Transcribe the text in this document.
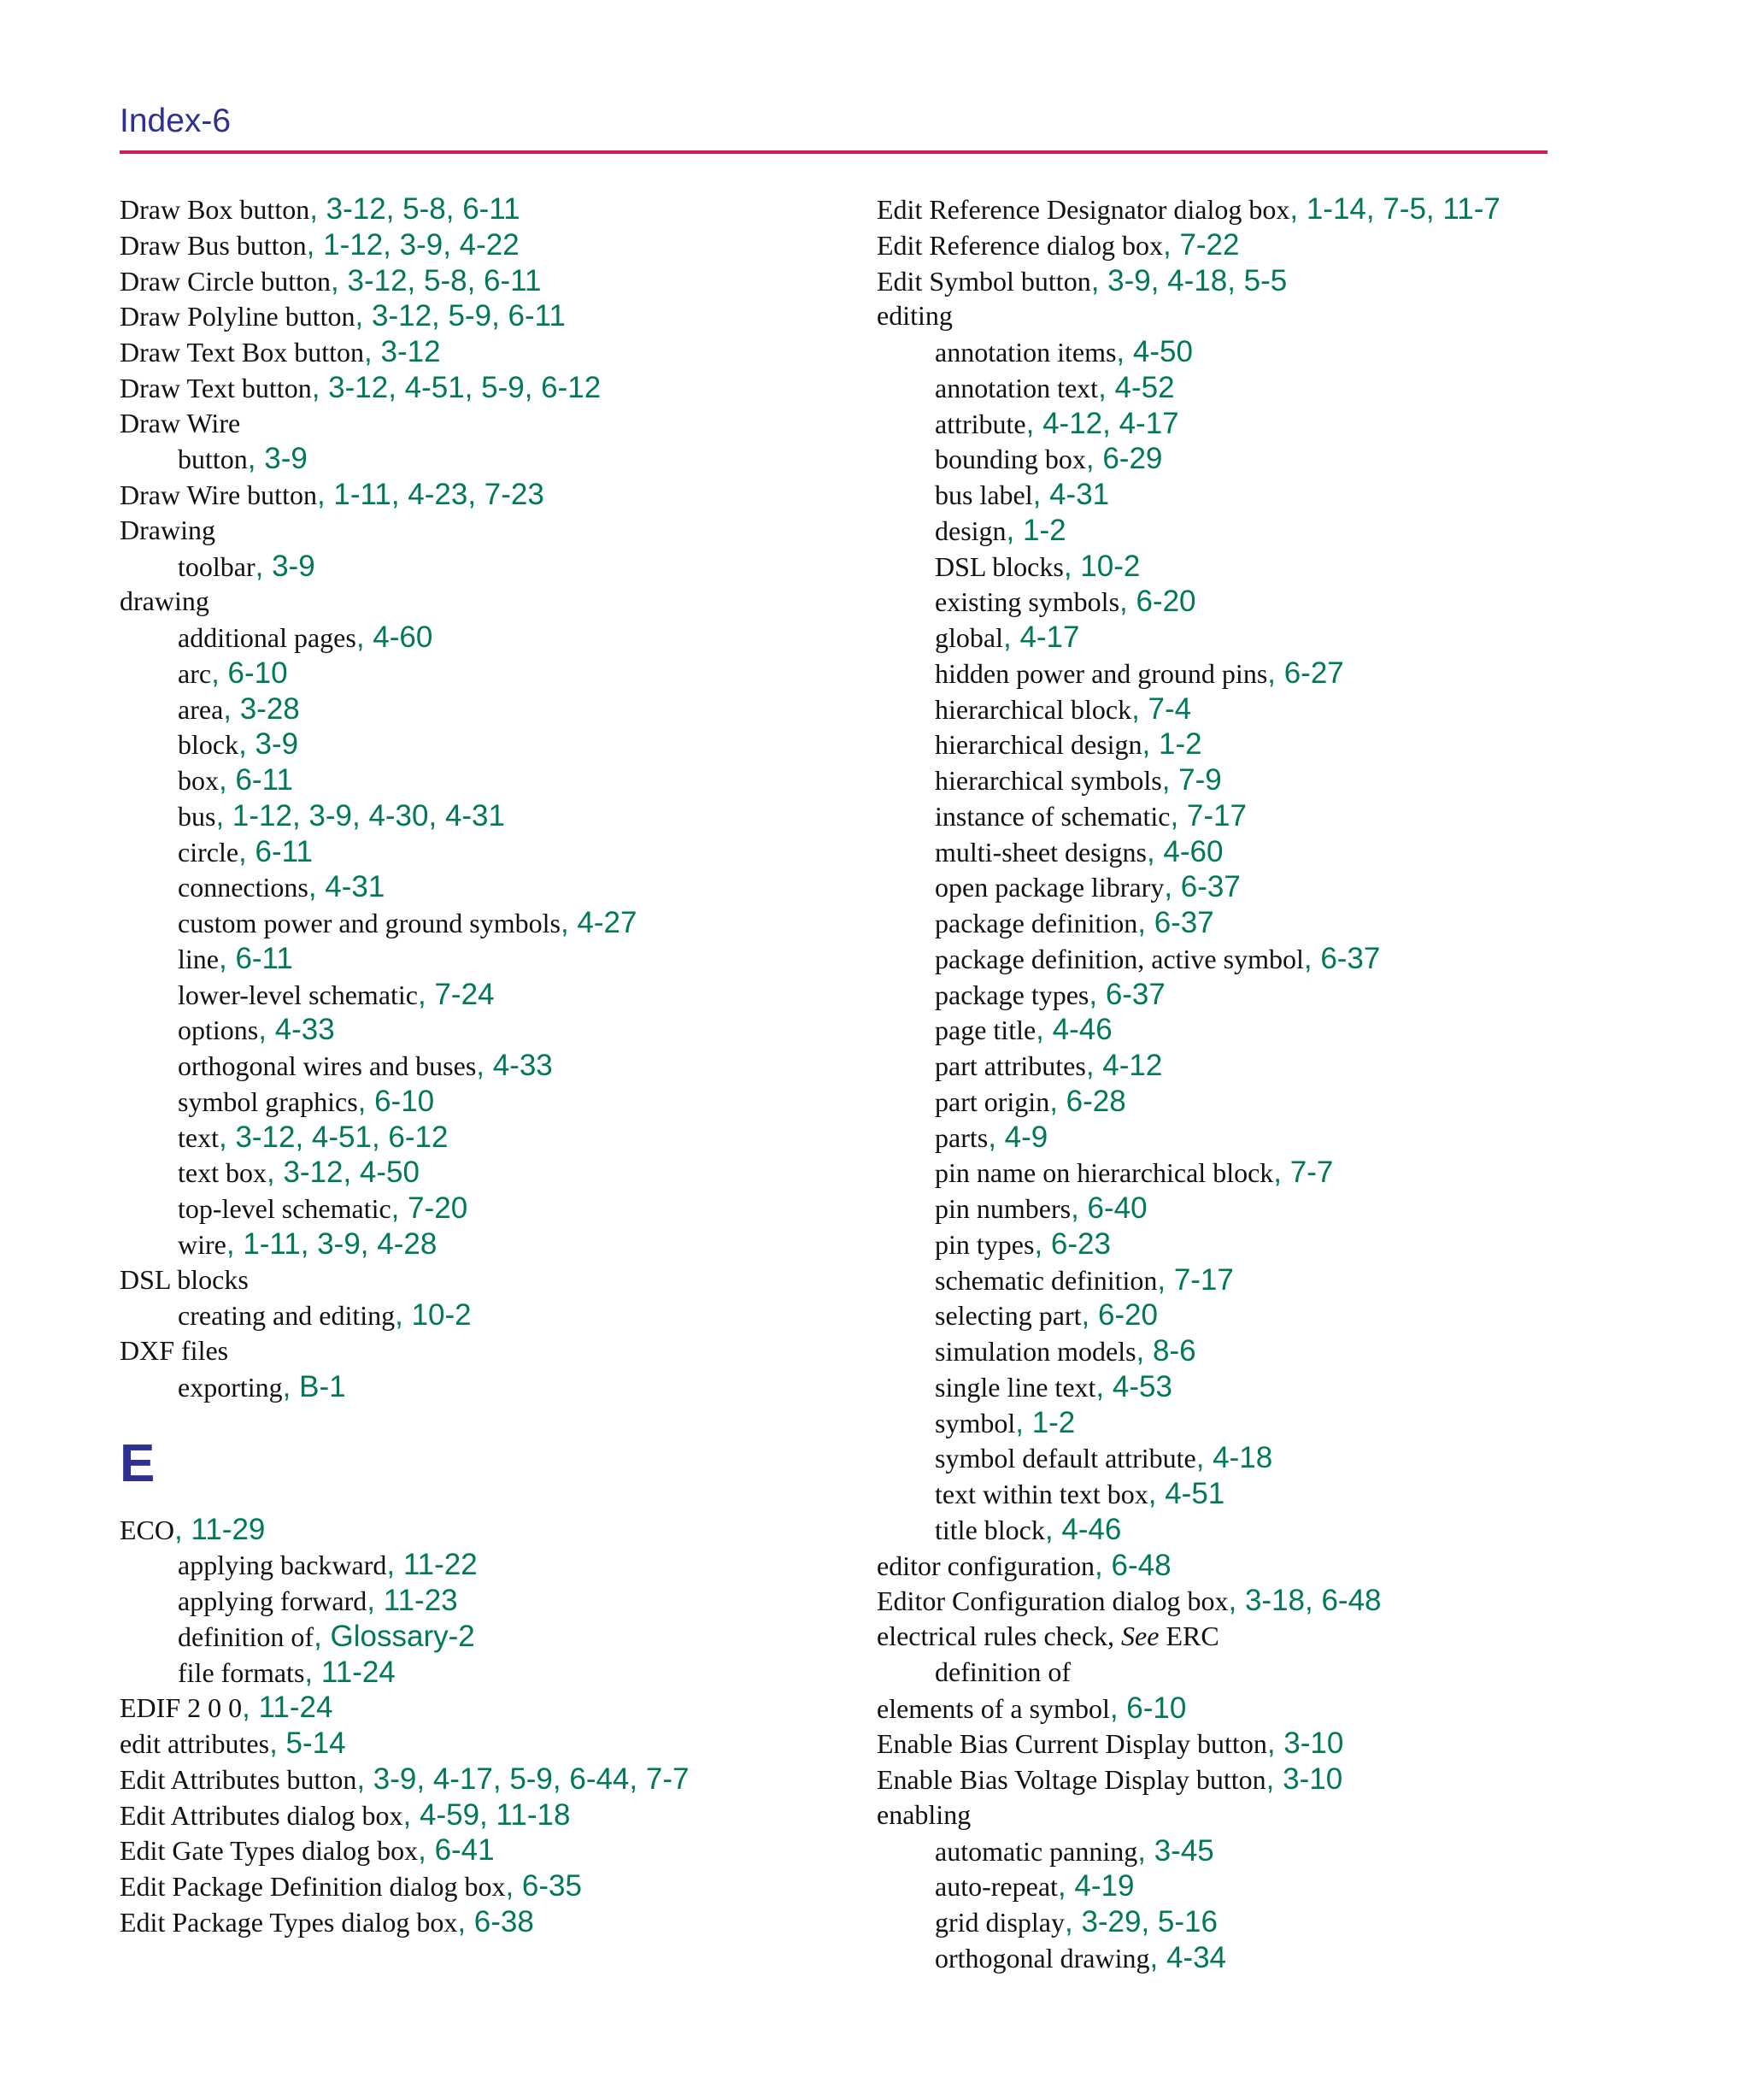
Index-6
Draw Box button, 3-12, 5-8, 6-11
Draw Bus button, 1-12, 3-9, 4-22
Draw Circle button, 3-12, 5-8, 6-11
Draw Polyline button, 3-12, 5-9, 6-11
Draw Text Box button, 3-12
Draw Text button, 3-12, 4-51, 5-9, 6-12
Draw Wire
button, 3-9
Draw Wire button, 1-11, 4-23, 7-23
Drawing
toolbar, 3-9
drawing
additional pages, 4-60
arc, 6-10
area, 3-28
block, 3-9
box, 6-11
bus, 1-12, 3-9, 4-30, 4-31
circle, 6-11
connections, 4-31
custom power and ground symbols, 4-27
line, 6-11
lower-level schematic, 7-24
options, 4-33
orthogonal wires and buses, 4-33
symbol graphics, 6-10
text, 3-12, 4-51, 6-12
text box, 3-12, 4-50
top-level schematic, 7-20
wire, 1-11, 3-9, 4-28
DSL blocks
creating and editing, 10-2
DXF files
exporting, B-1
E
ECO, 11-29
applying backward, 11-22
applying forward, 11-23
definition of, Glossary-2
file formats, 11-24
EDIF 2 0 0, 11-24
edit attributes, 5-14
Edit Attributes button, 3-9, 4-17, 5-9, 6-44, 7-7
Edit Attributes dialog box, 4-59, 11-18
Edit Gate Types dialog box, 6-41
Edit Package Definition dialog box, 6-35
Edit Package Types dialog box, 6-38
Edit Reference Designator dialog box, 1-14, 7-5, 11-7
Edit Reference dialog box, 7-22
Edit Symbol button, 3-9, 4-18, 5-5
editing
annotation items, 4-50
annotation text, 4-52
attribute, 4-12, 4-17
bounding box, 6-29
bus label, 4-31
design, 1-2
DSL blocks, 10-2
existing symbols, 6-20
global, 4-17
hidden power and ground pins, 6-27
hierarchical block, 7-4
hierarchical design, 1-2
hierarchical symbols, 7-9
instance of schematic, 7-17
multi-sheet designs, 4-60
open package library, 6-37
package definition, 6-37
package definition, active symbol, 6-37
package types, 6-37
page title, 4-46
part attributes, 4-12
part origin, 6-28
parts, 4-9
pin name on hierarchical block, 7-7
pin numbers, 6-40
pin types, 6-23
schematic definition, 7-17
selecting part, 6-20
simulation models, 8-6
single line text, 4-53
symbol, 1-2
symbol default attribute, 4-18
text within text box, 4-51
title block, 4-46
editor configuration, 6-48
Editor Configuration dialog box, 3-18, 6-48
electrical rules check, See ERC
definition of
elements of a symbol, 6-10
Enable Bias Current Display button, 3-10
Enable Bias Voltage Display button, 3-10
enabling
automatic panning, 3-45
auto-repeat, 4-19
grid display, 3-29, 5-16
orthogonal drawing, 4-34
